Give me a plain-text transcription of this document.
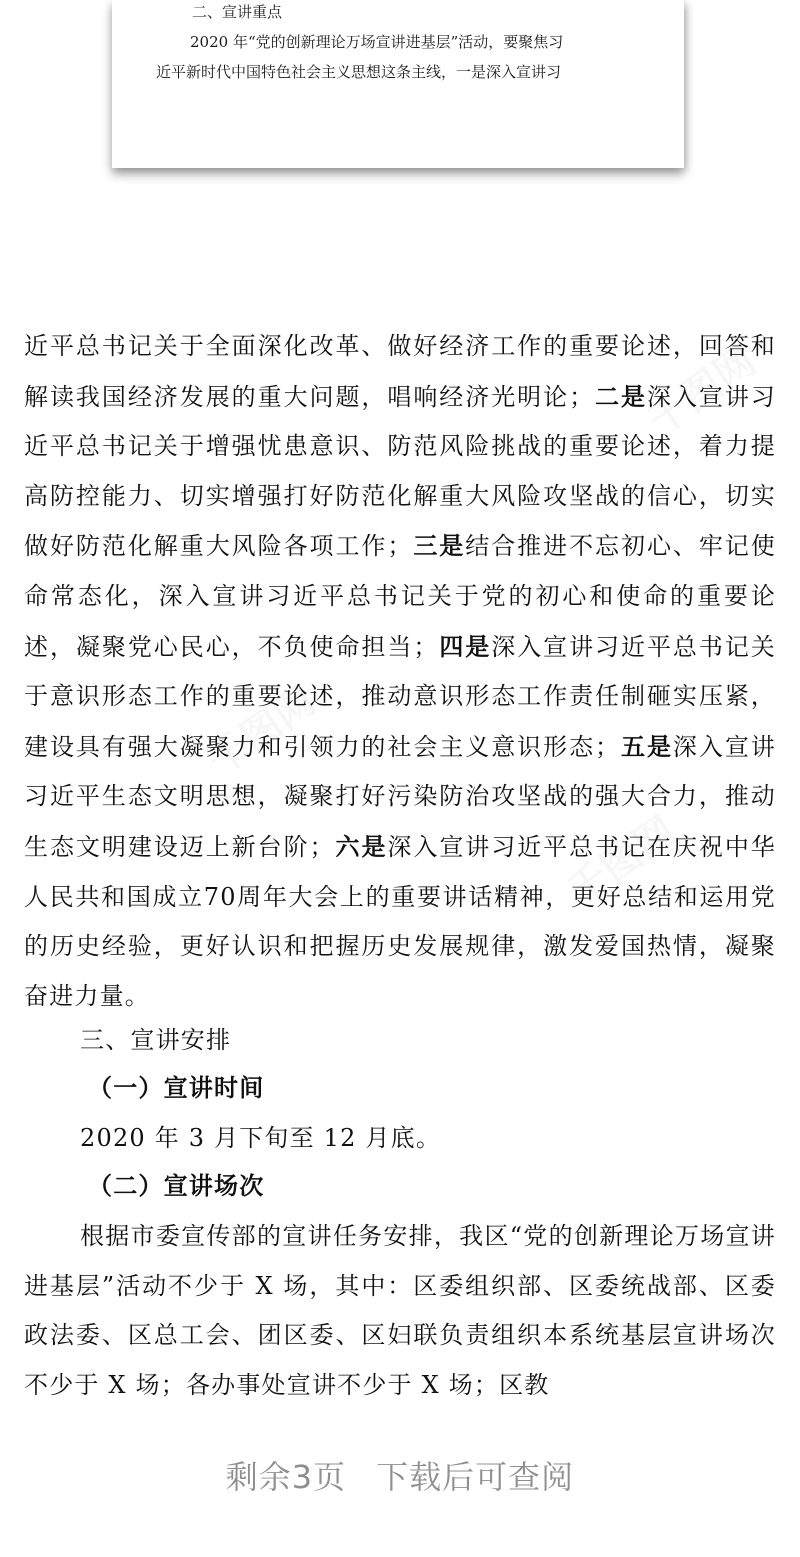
二、宣讲重点
2020 年“党的创新理论万场宣讲进基层”活动，要聚焦习
近平新时代中国特色社会主义思想这条主线，一是深入宣讲习

近平总书记关于全面深化改革、做好经济工作的重要论述，回答和解读我国经济发展的重大问题，唱响经济光明论；二是深入宣讲习近平总书记关于增强忧患意识、防范风险挑战的重要论述，着力提高防控能力、切实增强打好防范化解重大风险攻坚战的信心，切实做好防范化解重大风险各项工作；三是结合推进不忘初心、牢记使命常态化，深入宣讲习近平总书记关于党的初心和使命的重要论述，凝聚党心民心，不负使命担当；四是深入宣讲习近平总书记关于意识形态工作的重要论述，推动意识形态工作责任制砸实压紧，建设具有强大凝聚力和引领力的社会主义意识形态；五是深入宣讲习近平生态文明思想，凝聚打好污染防治攻坚战的强大合力，推动生态文明建设迈上新台阶；六是深入宣讲习近平总书记在庆祝中华人民共和国成立70周年大会上的重要讲话精神，更好总结和运用党的历史经验，更好认识和把握历史发展规律，激发爱国热情，凝聚奋进力量。

三、宣讲安排
（一）宣讲时间
2020 年 3 月下旬至 12 月底。
（二）宣讲场次

根据市委宣传部的宣讲任务安排，我区“党的创新理论万场宣讲进基层”活动不少于 X 场，其中：区委组织部、区委统战部、区委政法委、区总工会、团区委、区妇联负责组织本系统基层宣讲场次不少于 X 场；各办事处宣讲不少于 X 场；区教

剩余3页 下载后可查阅
